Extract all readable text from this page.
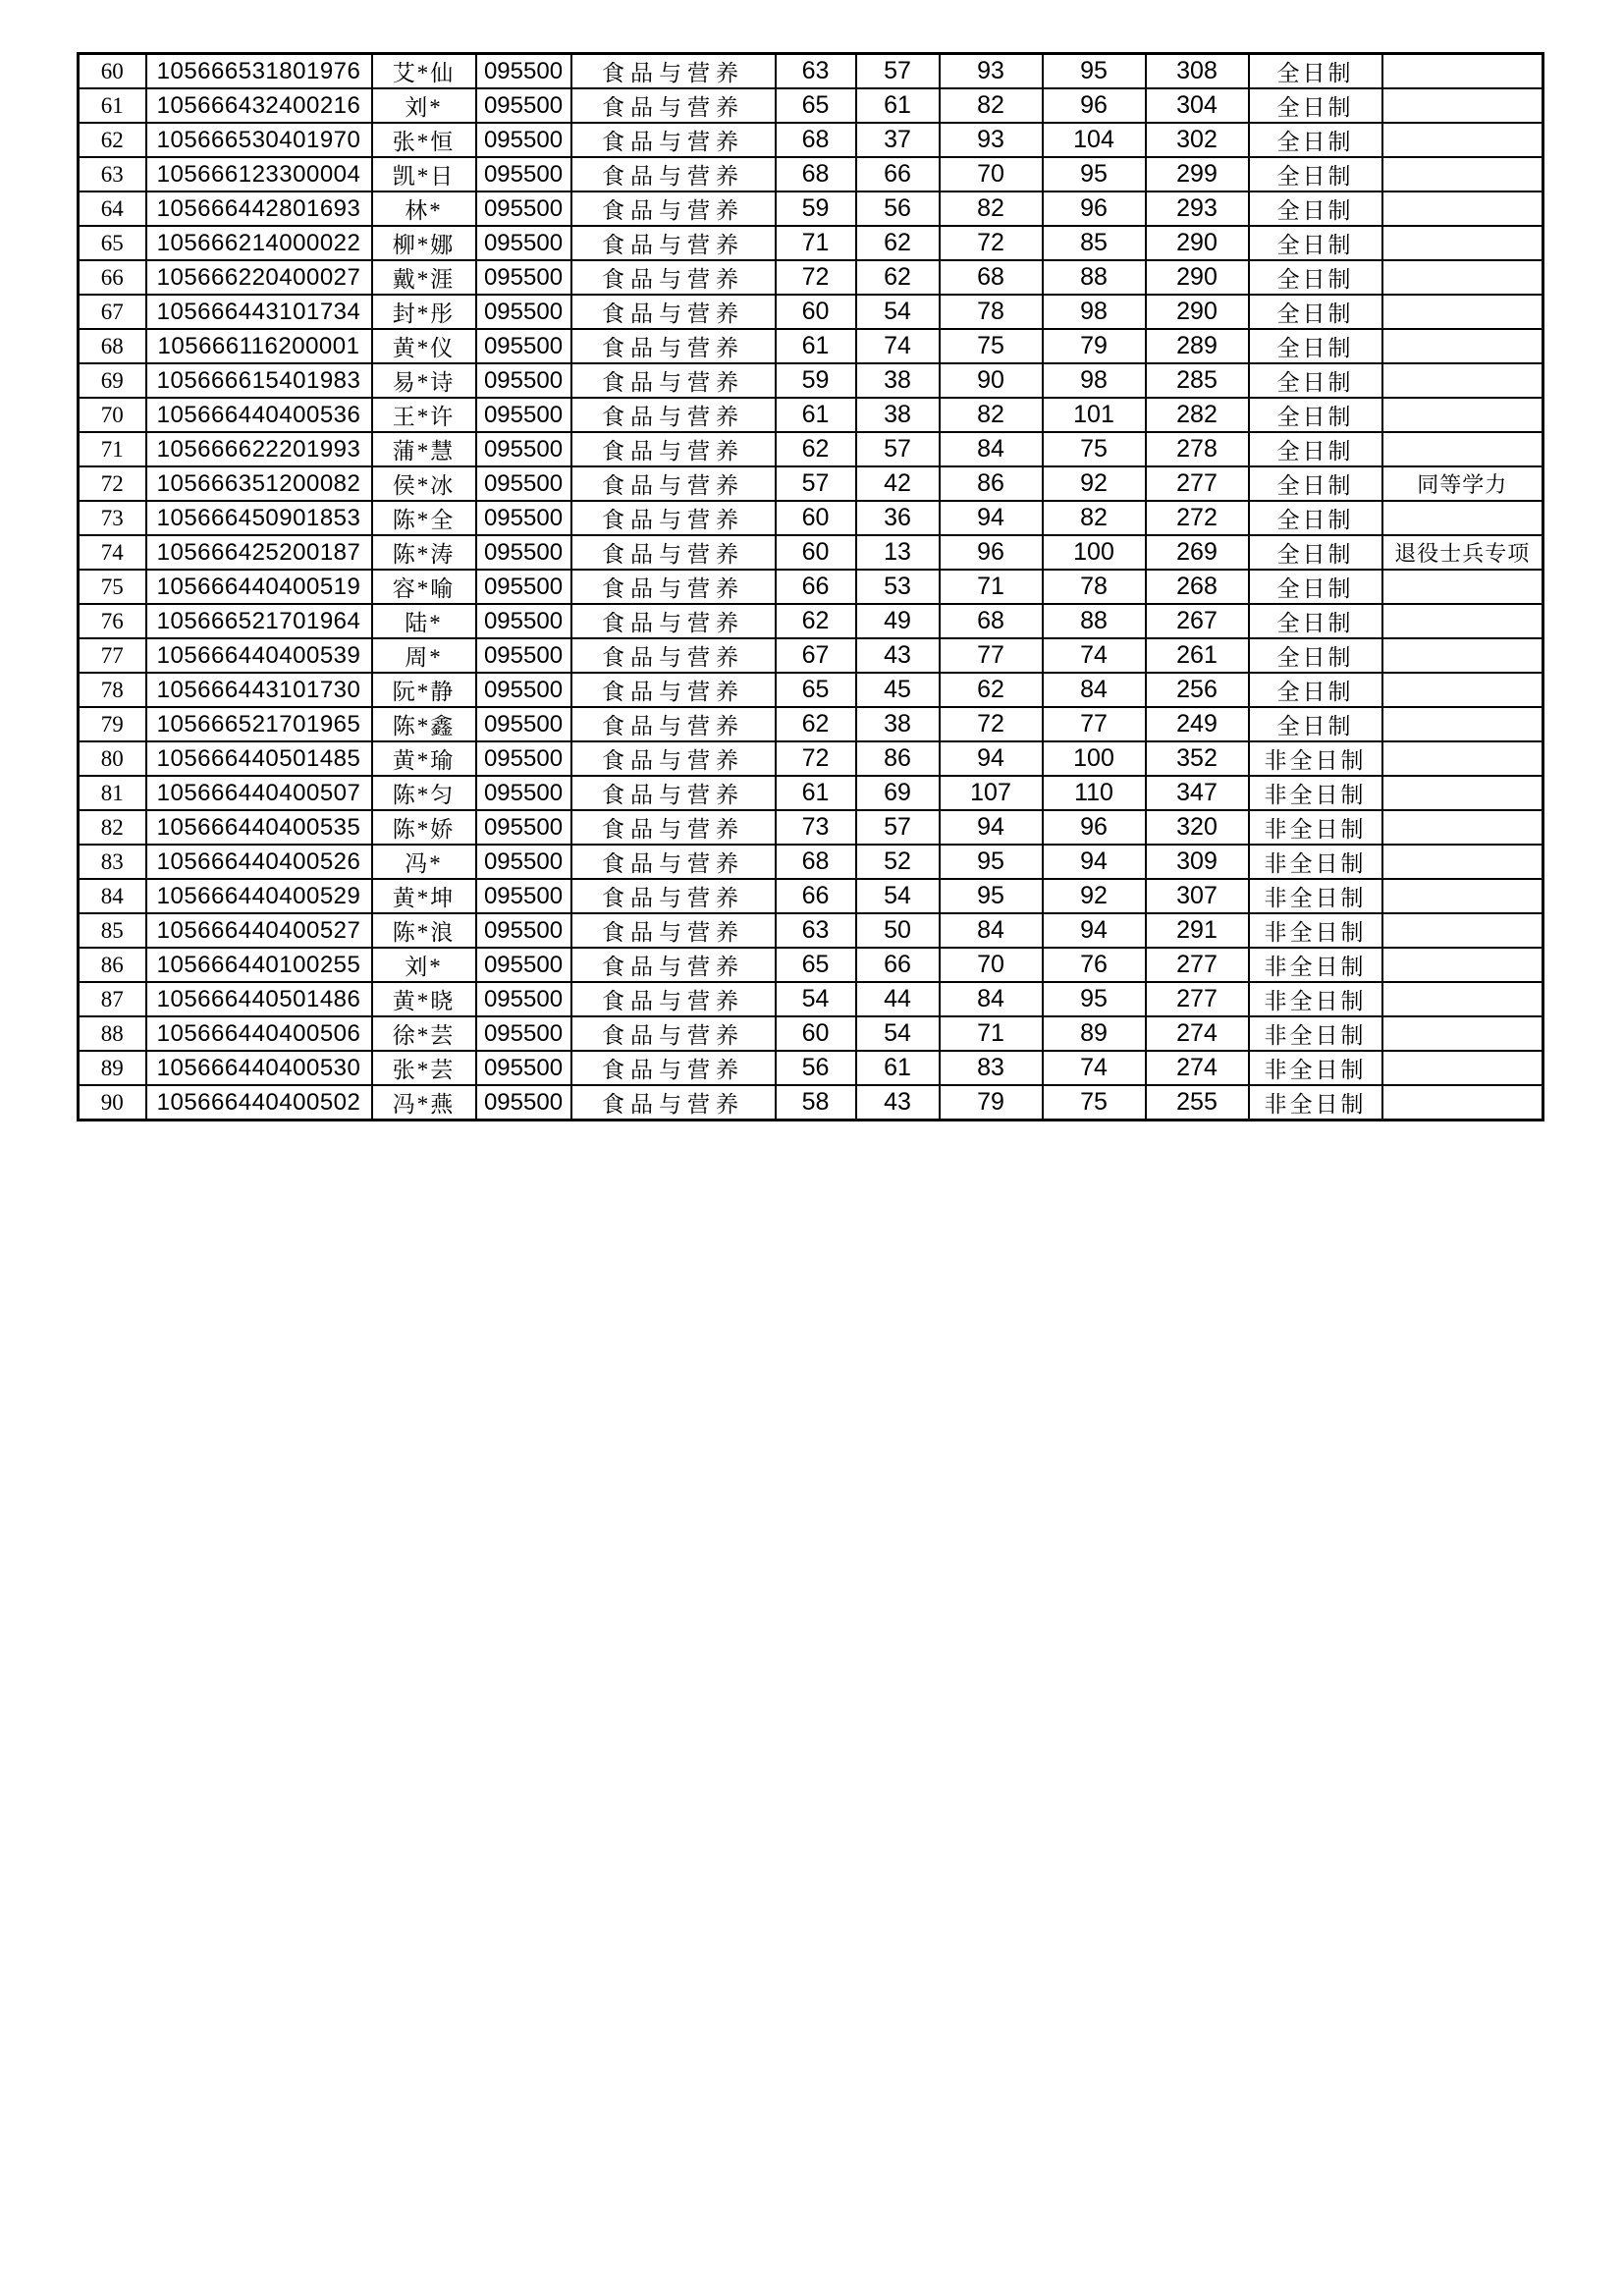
60	105666531801976	艾*仙	095500	食品与营养	63	57	93	95	308	全日制	
61	105666432400216	刘*	095500	食品与营养	65	61	82	96	304	全日制	
62	105666530401970	张*恒	095500	食品与营养	68	37	93	104	302	全日制	
63	105666123300004	凯*日	095500	食品与营养	68	66	70	95	299	全日制	
64	105666442801693	林*	095500	食品与营养	59	56	82	96	293	全日制	
65	105666214000022	柳*娜	095500	食品与营养	71	62	72	85	290	全日制	
66	105666220400027	戴*涯	095500	食品与营养	72	62	68	88	290	全日制	
67	105666443101734	封*彤	095500	食品与营养	60	54	78	98	290	全日制	
68	105666116200001	黄*仪	095500	食品与营养	61	74	75	79	289	全日制	
69	105666615401983	易*诗	095500	食品与营养	59	38	90	98	285	全日制	
70	105666440400536	王*许	095500	食品与营养	61	38	82	101	282	全日制	
71	105666622201993	蒲*慧	095500	食品与营养	62	57	84	75	278	全日制	
72	105666351200082	侯*冰	095500	食品与营养	57	42	86	92	277	全日制	同等学力
73	105666450901853	陈*全	095500	食品与营养	60	36	94	82	272	全日制	
74	105666425200187	陈*涛	095500	食品与营养	60	13	96	100	269	全日制	退役士兵专项
75	105666440400519	容*喻	095500	食品与营养	66	53	71	78	268	全日制	
76	105666521701964	陆*	095500	食品与营养	62	49	68	88	267	全日制	
77	105666440400539	周*	095500	食品与营养	67	43	77	74	261	全日制	
78	105666443101730	阮*静	095500	食品与营养	65	45	62	84	256	全日制	
79	105666521701965	陈*鑫	095500	食品与营养	62	38	72	77	249	全日制	
80	105666440501485	黄*瑜	095500	食品与营养	72	86	94	100	352	非全日制	
81	105666440400507	陈*匀	095500	食品与营养	61	69	107	110	347	非全日制	
82	105666440400535	陈*娇	095500	食品与营养	73	57	94	96	320	非全日制	
83	105666440400526	冯*	095500	食品与营养	68	52	95	94	309	非全日制	
84	105666440400529	黄*坤	095500	食品与营养	66	54	95	92	307	非全日制	
85	105666440400527	陈*浪	095500	食品与营养	63	50	84	94	291	非全日制	
86	105666440100255	刘*	095500	食品与营养	65	66	70	76	277	非全日制	
87	105666440501486	黄*晓	095500	食品与营养	54	44	84	95	277	非全日制	
88	105666440400506	徐*芸	095500	食品与营养	60	54	71	89	274	非全日制	
89	105666440400530	张*芸	095500	食品与营养	56	61	83	74	274	非全日制	
90	105666440400502	冯*燕	095500	食品与营养	58	43	79	75	255	非全日制	
